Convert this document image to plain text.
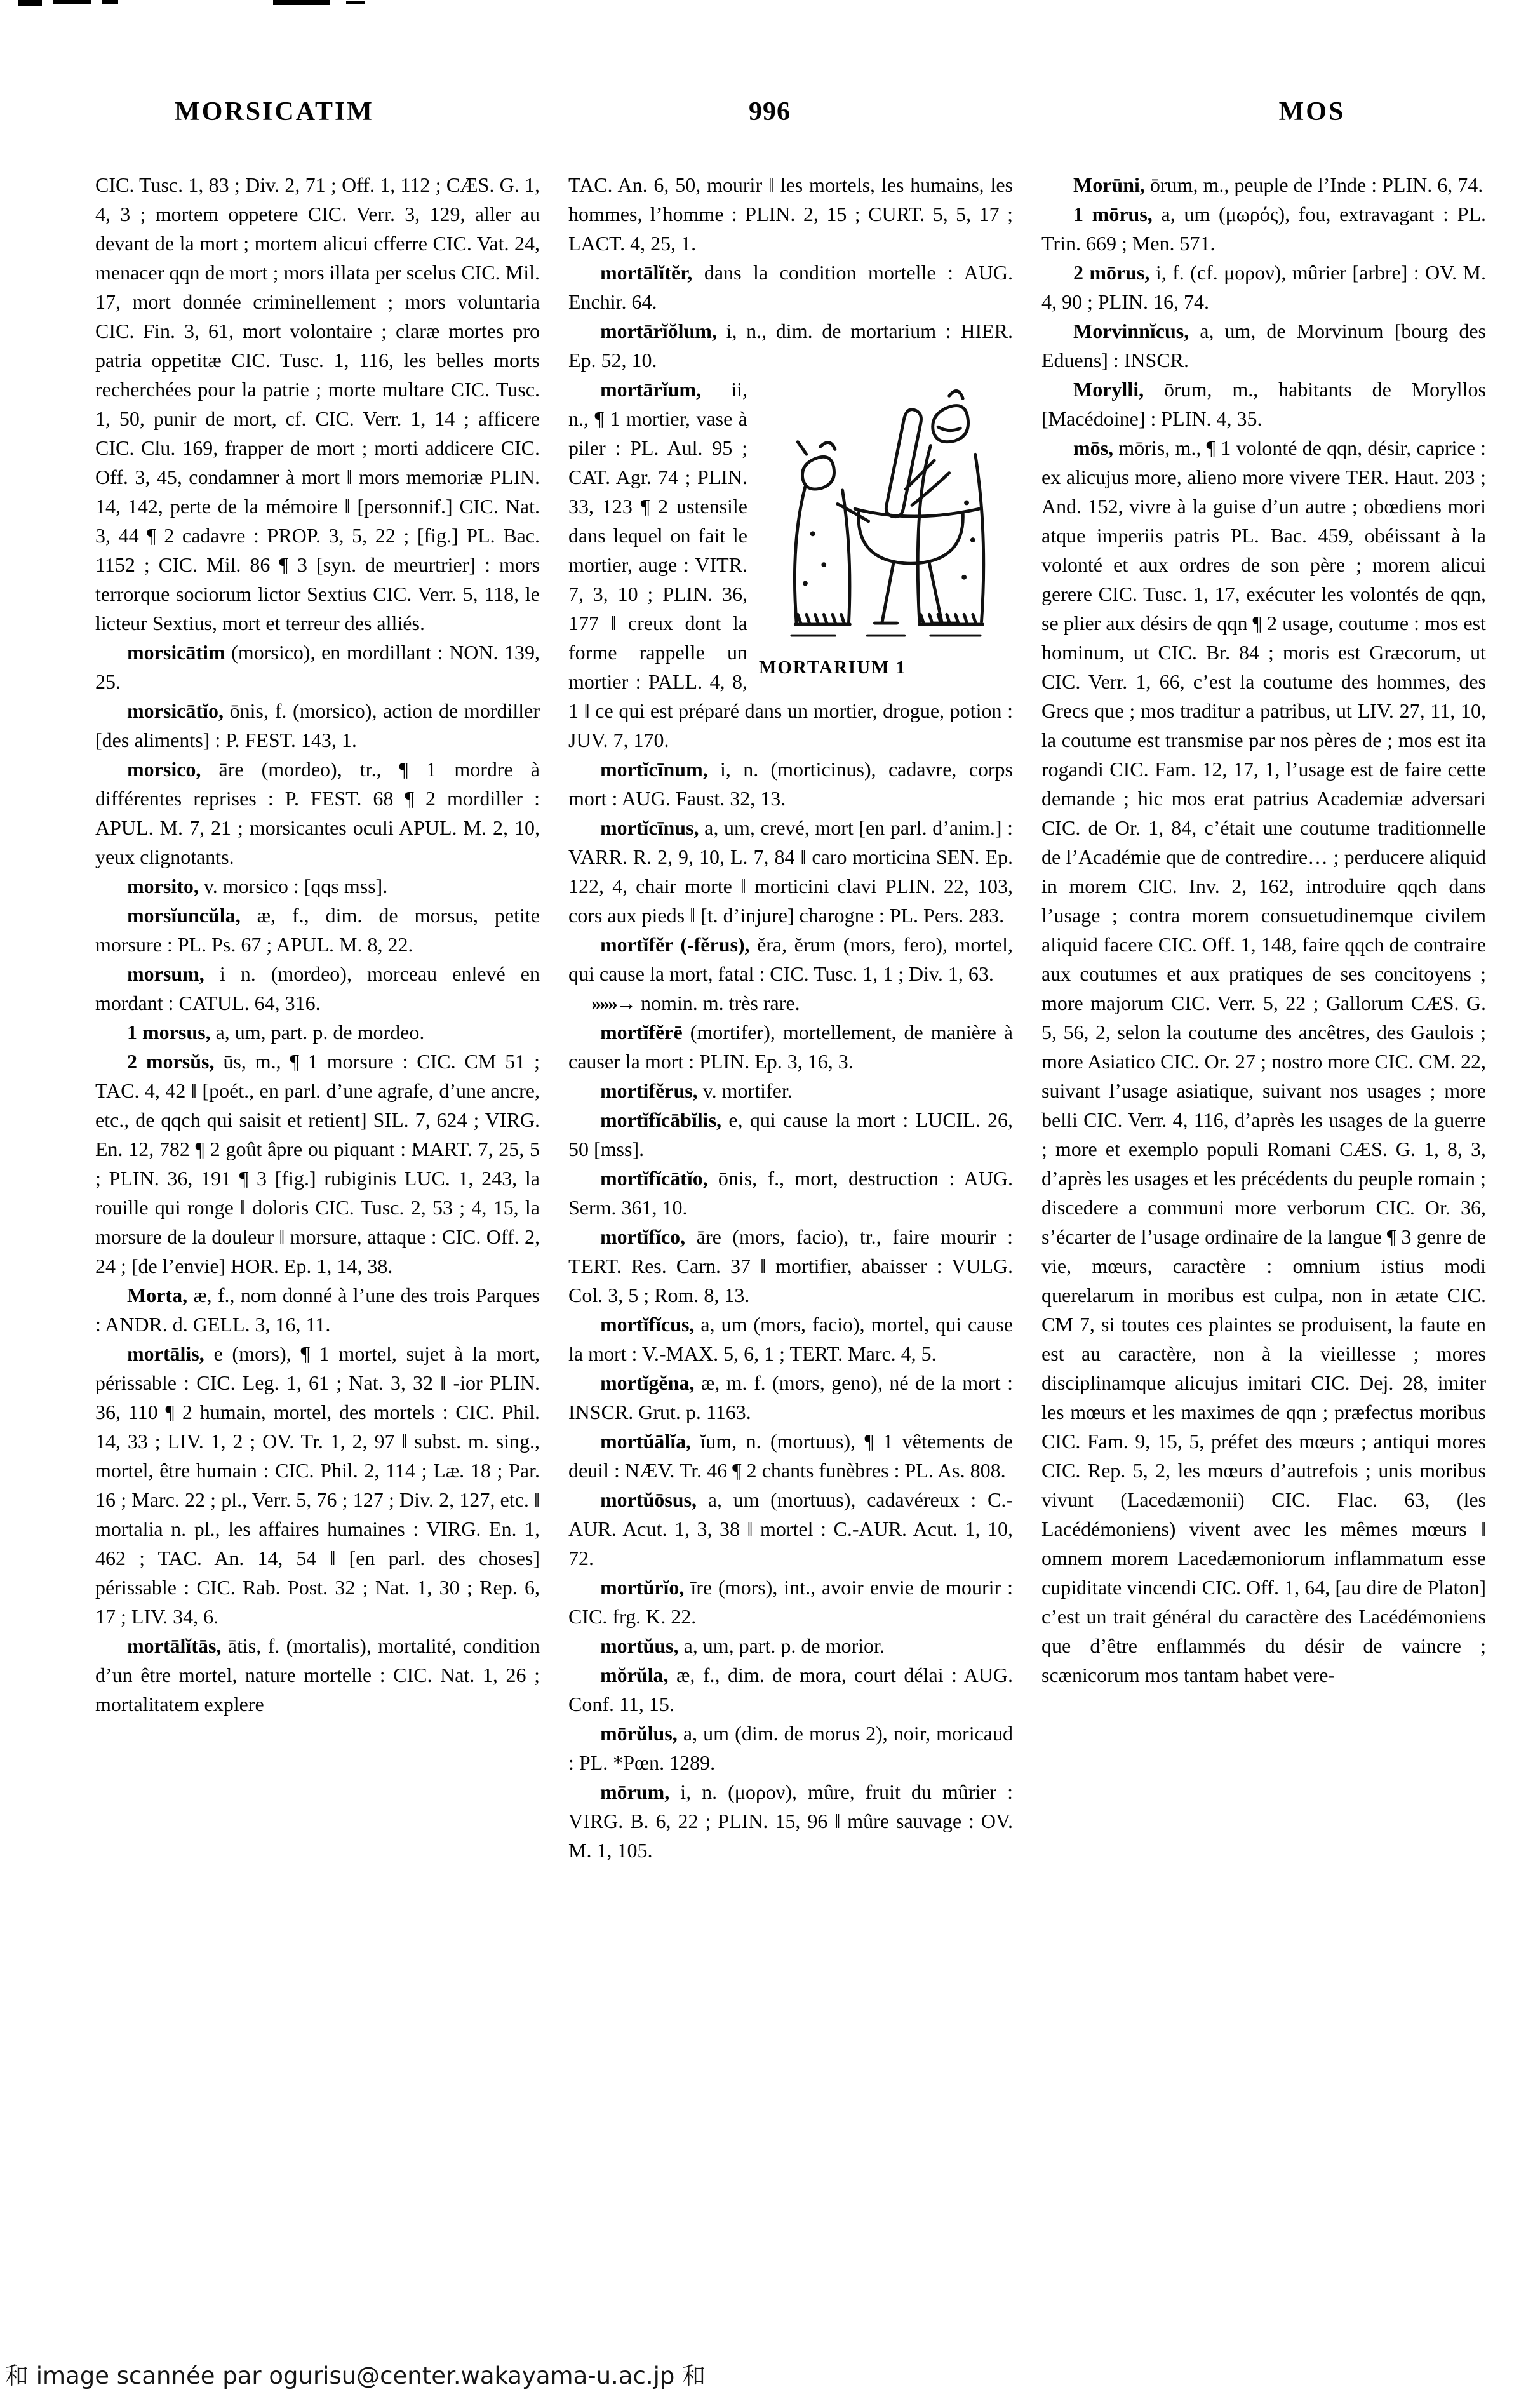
MORSICATIM	996	MOS

CIC. Tusc. 1, 83 ; Div. 2, 71 ; Off. 1, 112 ; CÆS. G. 1, 4, 3 ; mortem oppetere CIC. Verr. 3, 129, aller au devant de la mort ; mortem alicui cfferre CIC. Vat. 24, menacer qqn de mort ; mors illata per scelus CIC. Mil. 17, mort donnée criminellement ; mors voluntaria CIC. Fin. 3, 61, mort volontaire ; claræ mortes pro patria oppetitæ CIC. Tusc. 1, 116, les belles morts recherchées pour la patrie ; morte multare CIC. Tusc. 1, 50, punir de mort, cf. CIC. Verr. 1, 14 ; afficere CIC. Clu. 169, frapper de mort ; morti addicere CIC. Off. 3, 45, condamner à mort ‖ mors memoriæ PLIN. 14, 142, perte de la mémoire ‖ [personnif.] CIC. Nat. 3, 44 ¶ 2 cadavre : PROP. 3, 5, 22 ; [fig.] PL. Bac. 1152 ; CIC. Mil. 86 ¶ 3 [syn. de meurtrier] : mors terrorque sociorum lictor Sextius CIC. Verr. 5, 118, le licteur Sextius, mort et terreur des alliés.

morsicātim (morsico), en mordillant : NON. 139, 25.

morsicātĭo, ōnis, f. (morsico), action de mordiller [des aliments] : P. FEST. 143, 1.

morsico, āre (mordeo), tr., ¶ 1 mordre à différentes reprises : P. FEST. 68 ¶ 2 mordiller : APUL. M. 7, 21 ; morsicantes oculi APUL. M. 2, 10, yeux clignotants.

morsito, v. morsico : [qqs mss].

morsĭuncŭla, æ, f., dim. de morsus, petite morsure : PL. Ps. 67 ; APUL. M. 8, 22.

morsum, i n. (mordeo), morceau enlevé en mordant : CATUL. 64, 316.

1 morsus, a, um, part. p. de mordeo.

2 morsŭs, ūs, m., ¶ 1 morsure : CIC. CM 51 ; TAC. 4, 42 ‖ [poét., en parl. d’une agrafe, d’une ancre, etc., de qqch qui saisit et retient] SIL. 7, 624 ; VIRG. En. 12, 782 ¶ 2 goût âpre ou piquant : MART. 7, 25, 5 ; PLIN. 36, 191 ¶ 3 [fig.] rubiginis LUC. 1, 243, la rouille qui ronge ‖ doloris CIC. Tusc. 2, 53 ; 4, 15, la morsure de la douleur ‖ morsure, attaque : CIC. Off. 2, 24 ; [de l’envie] HOR. Ep. 1, 14, 38.

Morta, æ, f., nom donné à l’une des trois Parques : ANDR. d. GELL. 3, 16, 11.

mortālis, e (mors), ¶ 1 mortel, sujet à la mort, périssable : CIC. Leg. 1, 61 ; Nat. 3, 32 ‖ -ior PLIN. 36, 110 ¶ 2 humain, mortel, des mortels : CIC. Phil. 14, 33 ; LIV. 1, 2 ; OV. Tr. 1, 2, 97 ‖ subst. m. sing., mortel, être humain : CIC. Phil. 2, 114 ; Læ. 18 ; Par. 16 ; Marc. 22 ; pl., Verr. 5, 76 ; 127 ; Div. 2, 127, etc. ‖ mortalia n. pl., les affaires humaines : VIRG. En. 1, 462 ; TAC. An. 14, 54 ‖ [en parl. des choses] périssable : CIC. Rab. Post. 32 ; Nat. 1, 30 ; Rep. 6, 17 ; LIV. 34, 6.

mortālĭtās, ātis, f. (mortalis), mortalité, condition d’un être mortel, nature mortelle : CIC. Nat. 1, 26 ; mortalitatem explere

TAC. An. 6, 50, mourir ‖ les mortels, les humains, les hommes, l’homme : PLIN. 2, 15 ; CURT. 5, 5, 17 ; LACT. 4, 25, 1.

mortālĭtĕr, dans la condition mortelle : AUG. Enchir. 64.

mortārĭŏlum, i, n., dim. de mortarium : HIER. Ep. 52, 10.

MORTARIUM 1
mortārĭum, ii, n., ¶ 1 mortier, vase à piler : PL. Aul. 95 ; CAT. Agr. 74 ; PLIN. 33, 123 ¶ 2 ustensile dans lequel on fait le mortier, auge : VITR. 7, 3, 10 ; PLIN. 36, 177 ‖ creux dont la forme rappelle un mortier : PALL. 4, 8, 1 ‖ ce qui est préparé dans un mortier, drogue, potion : JUV. 7, 170.

mortĭcīnum, i, n. (morticinus), cadavre, corps mort : AUG. Faust. 32, 13.

mortĭcīnus, a, um, crevé, mort [en parl. d’anim.] : VARR. R. 2, 9, 10, L. 7, 84 ‖ caro morticina SEN. Ep. 122, 4, chair morte ‖ morticini clavi PLIN. 22, 103, cors aux pieds ‖ [t. d’injure] charogne : PL. Pers. 283.

mortĭfĕr (-fĕrus), ĕra, ĕrum (mors, fero), mortel, qui cause la mort, fatal : CIC. Tusc. 1, 1 ; Div. 1, 63.

»»»→ nomin. m. très rare.

mortĭfĕrē (mortifer), mortellement, de manière à causer la mort : PLIN. Ep. 3, 16, 3.

mortifĕrus, v. mortifer.

mortĭfĭcābĭlis, e, qui cause la mort : LUCIL. 26, 50 [mss].

mortĭfĭcātĭo, ōnis, f., mort, destruction : AUG. Serm. 361, 10.

mortĭfĭco, āre (mors, facio), tr., faire mourir : TERT. Res. Carn. 37 ‖ mortifier, abaisser : VULG. Col. 3, 5 ; Rom. 8, 13.

mortĭfĭcus, a, um (mors, facio), mortel, qui cause la mort : V.-MAX. 5, 6, 1 ; TERT. Marc. 4, 5.

mortĭgĕna, æ, m. f. (mors, geno), né de la mort : INSCR. Grut. p. 1163.

mortŭālĭa, ĭum, n. (mortuus), ¶ 1 vêtements de deuil : NÆV. Tr. 46 ¶ 2 chants funèbres : PL. As. 808.

mortŭōsus, a, um (mortuus), cadavéreux : C.-AUR. Acut. 1, 3, 38 ‖ mortel : C.-AUR. Acut. 1, 10, 72.

mortŭrĭo, īre (mors), int., avoir envie de mourir : CIC. frg. K. 22.

mortŭus, a, um, part. p. de morior.

mŏrŭla, æ, f., dim. de mora, court délai : AUG. Conf. 11, 15.

mōrŭlus, a, um (dim. de morus 2), noir, moricaud : PL. *Pœn. 1289.

mōrum, i, n. (μορον), mûre, fruit du mûrier : VIRG. B. 6, 22 ; PLIN. 15, 96 ‖ mûre sauvage : OV. M. 1, 105.

Morūni, ōrum, m., peuple de l’Inde : PLIN. 6, 74.

1 mōrus, a, um (μωρός), fou, extravagant : PL. Trin. 669 ; Men. 571.

2 mōrus, i, f. (cf. μορον), mûrier [arbre] : OV. M. 4, 90 ; PLIN. 16, 74.

Morvinnĭcus, a, um, de Morvinum [bourg des Eduens] : INSCR.

Morylli, ōrum, m., habitants de Moryllos [Macédoine] : PLIN. 4, 35.

mōs, mōris, m., ¶ 1 volonté de qqn, désir, caprice : ex alicujus more, alieno more vivere TER. Haut. 203 ; And. 152, vivre à la guise d’un autre ; obœdiens mori atque imperiis patris PL. Bac. 459, obéissant à la volonté et aux ordres de son père ; morem alicui gerere CIC. Tusc. 1, 17, exécuter les volontés de qqn, se plier aux désirs de qqn ¶ 2 usage, coutume : mos est hominum, ut CIC. Br. 84 ; moris est Græcorum, ut CIC. Verr. 1, 66, c’est la coutume des hommes, des Grecs que ; mos traditur a patribus, ut LIV. 27, 11, 10, la coutume est transmise par nos pères de ; mos est ita rogandi CIC. Fam. 12, 17, 1, l’usage est de faire cette demande ; hic mos erat patrius Academiæ adversari CIC. de Or. 1, 84, c’était une coutume traditionnelle de l’Académie que de contredire… ; perducere aliquid in morem CIC. Inv. 2, 162, introduire qqch dans l’usage ; contra morem consuetudinemque civilem aliquid facere CIC. Off. 1, 148, faire qqch de contraire aux coutumes et aux pratiques de ses concitoyens ; more majorum CIC. Verr. 5, 22 ; Gallorum CÆS. G. 5, 56, 2, selon la coutume des ancêtres, des Gaulois ; more Asiatico CIC. Or. 27 ; nostro more CIC. CM. 22, suivant l’usage asiatique, suivant nos usages ; more belli CIC. Verr. 4, 116, d’après les usages de la guerre ; more et exemplo populi Romani CÆS. G. 1, 8, 3, d’après les usages et les précédents du peuple romain ; discedere a communi more verborum CIC. Or. 36, s’écarter de l’usage ordinaire de la langue ¶ 3 genre de vie, mœurs, caractère : omnium istius modi querelarum in moribus est culpa, non in ætate CIC. CM 7, si toutes ces plaintes se produisent, la faute en est au caractère, non à la vieillesse ; mores disciplinamque alicujus imitari CIC. Dej. 28, imiter les mœurs et les maximes de qqn ; præfectus moribus CIC. Fam. 9, 15, 5, préfet des mœurs ; antiqui mores CIC. Rep. 5, 2, les mœurs d’autrefois ; unis moribus vivunt (Lacedæmonii) CIC. Flac. 63, (les Lacédémoniens) vivent avec les mêmes mœurs ‖ omnem morem Lacedæmoniorum inflammatum esse cupiditate vincendi CIC. Off. 1, 64, [au dire de Platon] c’est un trait général du caractère des Lacédémoniens que d’être enflammés du désir de vaincre ; scænicorum mos tantam habet vere-

和 image scannée par ogurisu@center.wakayama-u.ac.jp 和
